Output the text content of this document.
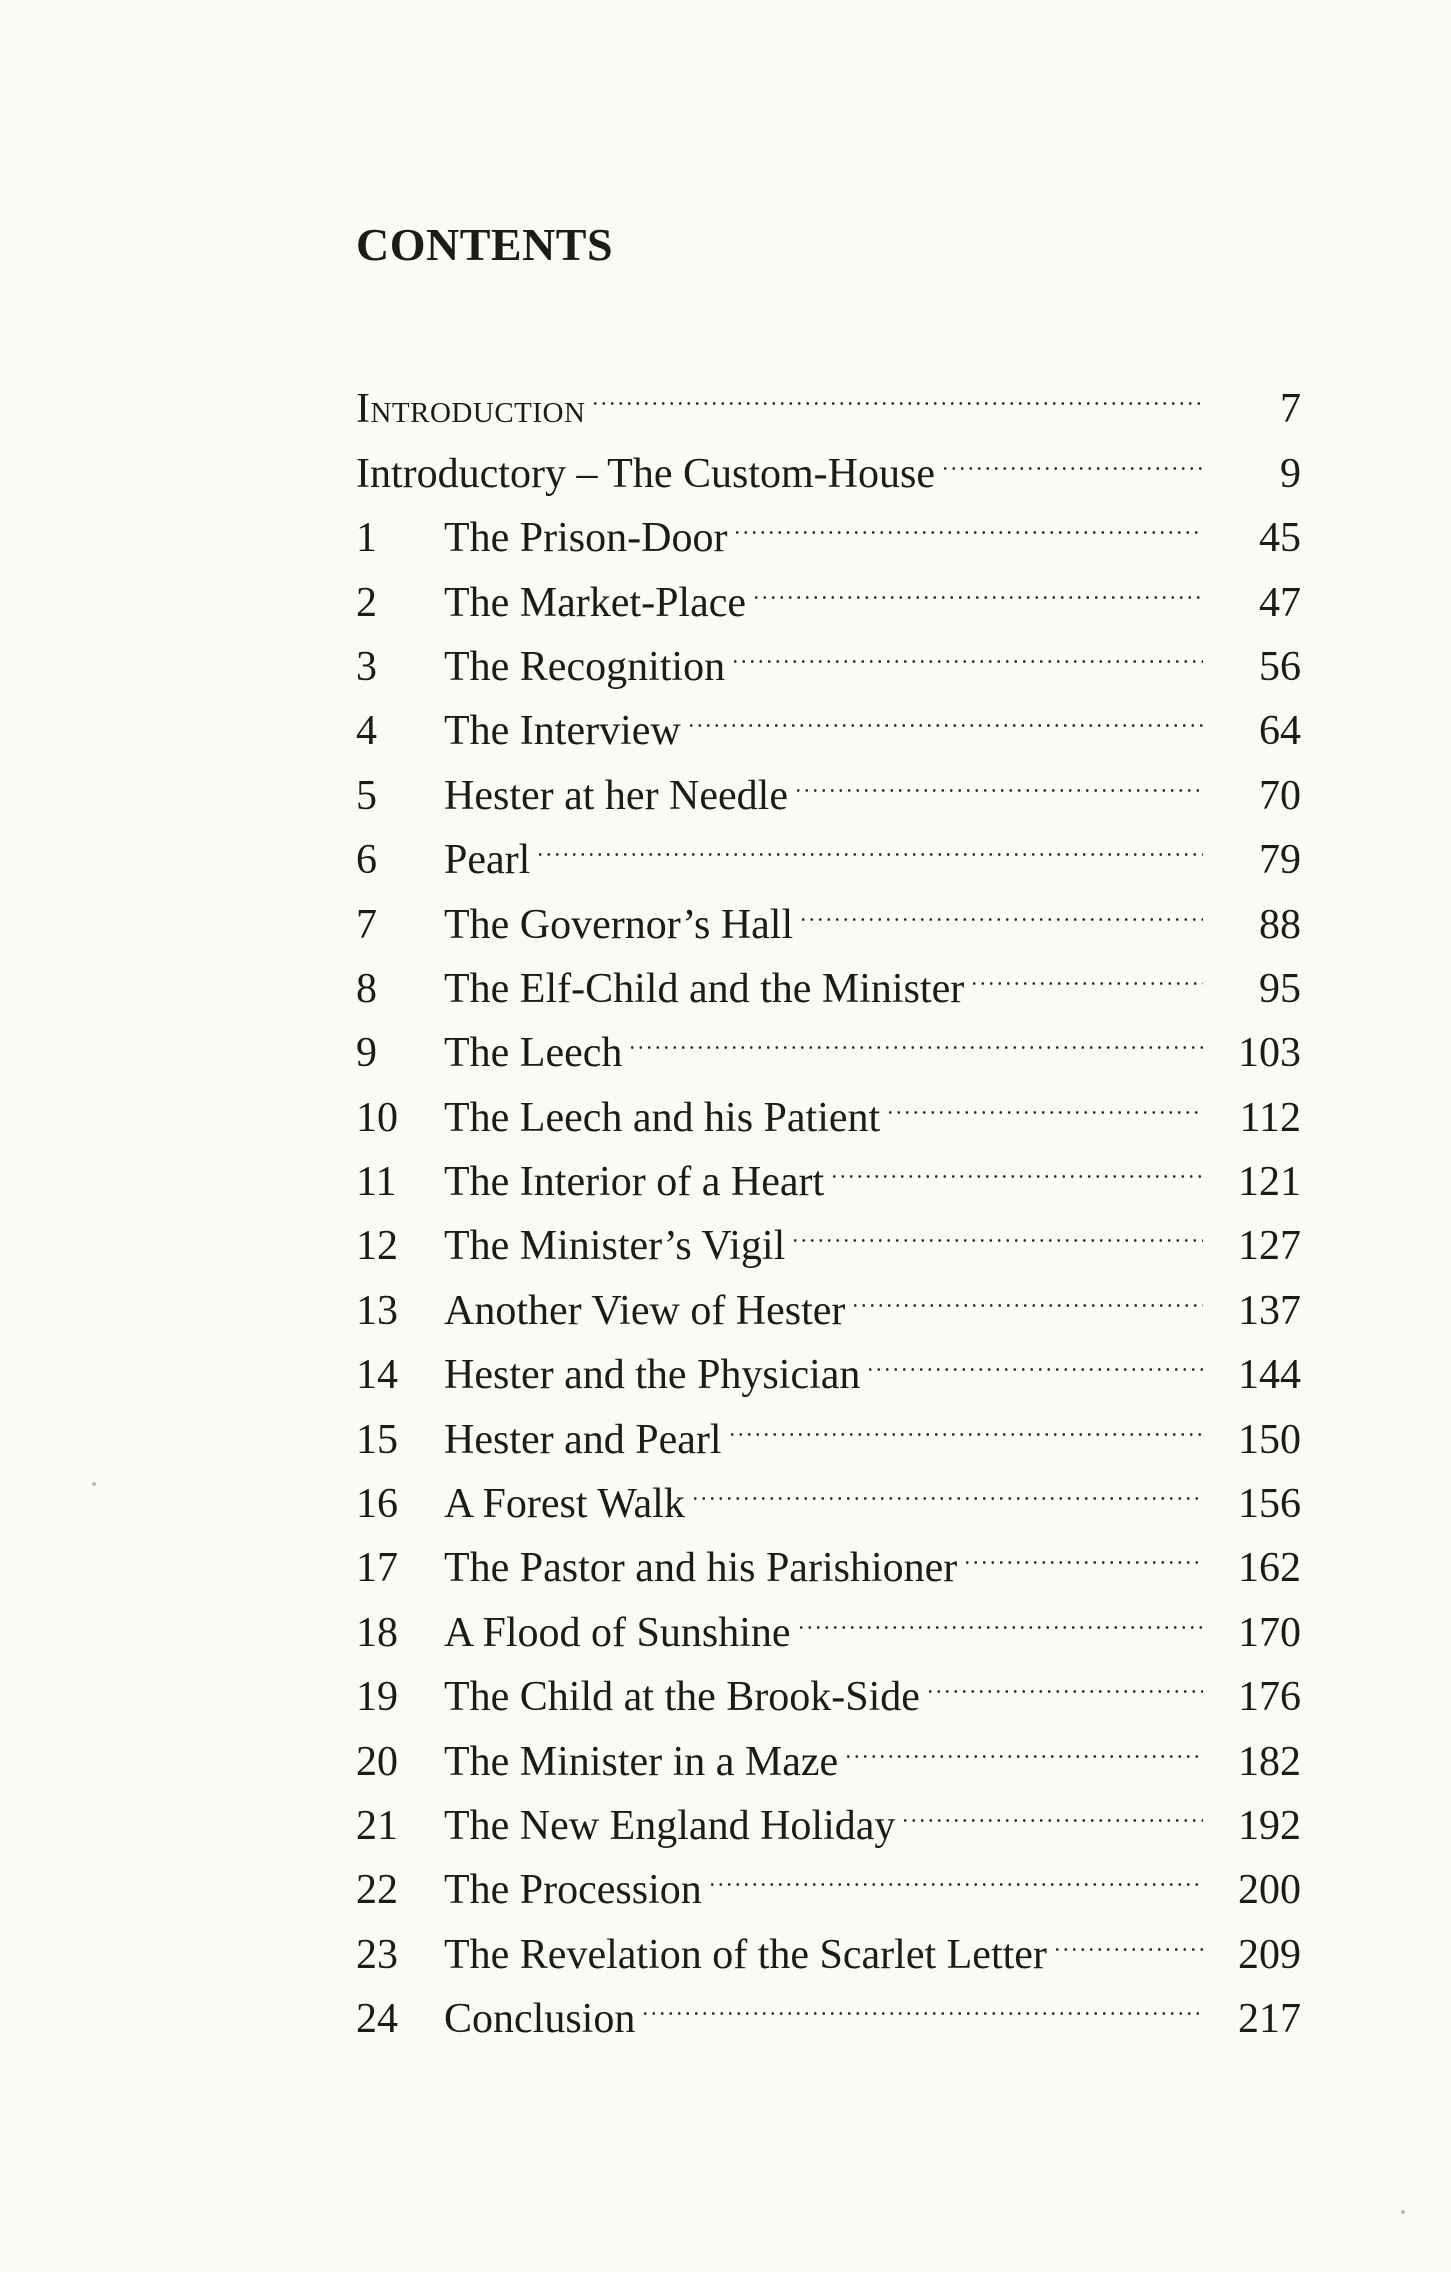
CONTENTS
Introduction	7
Introductory – The Custom-House	9
1	The Prison-Door	45
2	The Market-Place	47
3	The Recognition	56
4	The Interview	64
5	Hester at her Needle	70
6	Pearl	79
7	The Governor’s Hall	88
8	The Elf-Child and the Minister	95
9	The Leech	103
10	The Leech and his Patient	112
11	The Interior of a Heart	121
12	The Minister’s Vigil	127
13	Another View of Hester	137
14	Hester and the Physician	144
15	Hester and Pearl	150
16	A Forest Walk	156
17	The Pastor and his Parishioner	162
18	A Flood of Sunshine	170
19	The Child at the Brook-Side	176
20	The Minister in a Maze	182
21	The New England Holiday	192
22	The Procession	200
23	The Revelation of the Scarlet Letter	209
24	Conclusion	217
